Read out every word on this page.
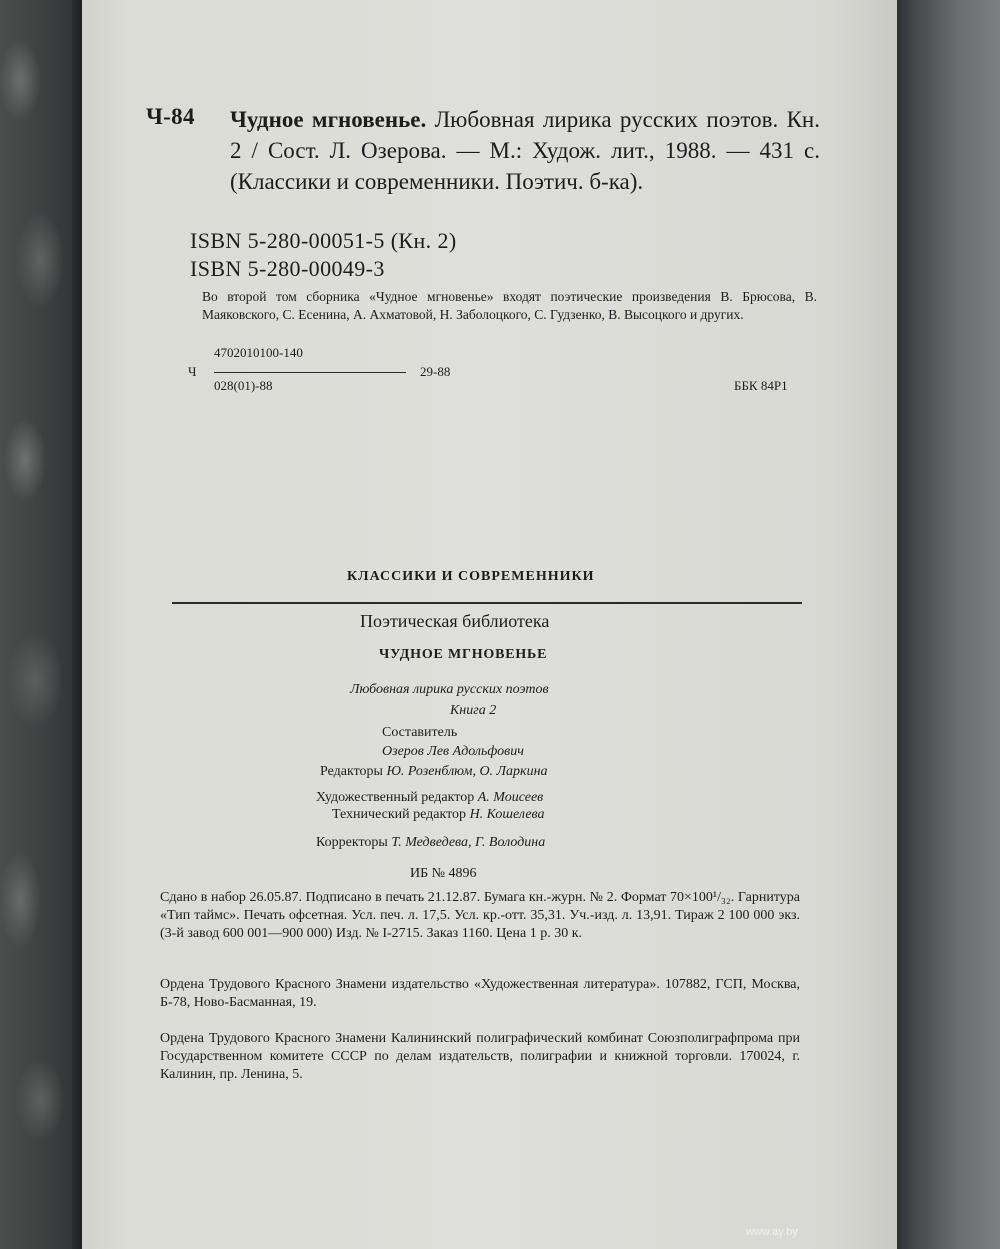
Ч-84 Чудное мгновенье. Любовная лирика русских поэтов. Кн. 2 / Сост. Л. Озерова. — М.: Худож. лит., 1988. — 431 с. (Классики и современники. Поэтич. б-ка).
ISBN 5-280-00051-5 (Кн. 2)
ISBN 5-280-00049-3
Во второй том сборника «Чудное мгновенье» входят поэтические произведения В. Брюсова, В. Маяковского, С. Есенина, А. Ахматовой, Н. Заболоцкого, С. Гудзенко, В. Высоцкого и других.
4702010100-140
Ч	29-88
028(01)-88	ББК 84Р1
КЛАССИКИ И СОВРЕМЕННИКИ
Поэтическая библиотека
ЧУДНОЕ МГНОВЕНЬЕ
Любовная лирика русских поэтов
Книга 2
Составитель
Озеров Лев Адольфович
Редакторы Ю. Розенблюм, О. Ларкина
Художественный редактор А. Моисеев
Технический редактор Н. Кошелева
Корректоры Т. Медведева, Г. Володина
ИБ № 4896
Сдано в набор 26.05.87. Подписано в печать 21.12.87. Бумага кн.-журн. № 2. Формат 70×100¹/₃₂. Гарнитура «Тип таймс». Печать офсетная. Усл. печ. л. 17,5. Усл. кр.-отт. 35,31. Уч.-изд. л. 13,91. Тираж 2 100 000 экз. (3-й завод 600 001—900 000) Изд. № I-2715. Заказ 1160. Цена 1 р. 30 к.
Ордена Трудового Красного Знамени издательство «Художественная литература». 107882, ГСП, Москва, Б-78, Ново-Басманная, 19.
Ордена Трудового Красного Знамени Калининский полиграфический комбинат Союзполиграфпрома при Государственном комитете СССР по делам издательств, полиграфии и книжной торговли. 170024, г. Калинин, пр. Ленина, 5.
www.ay.by
